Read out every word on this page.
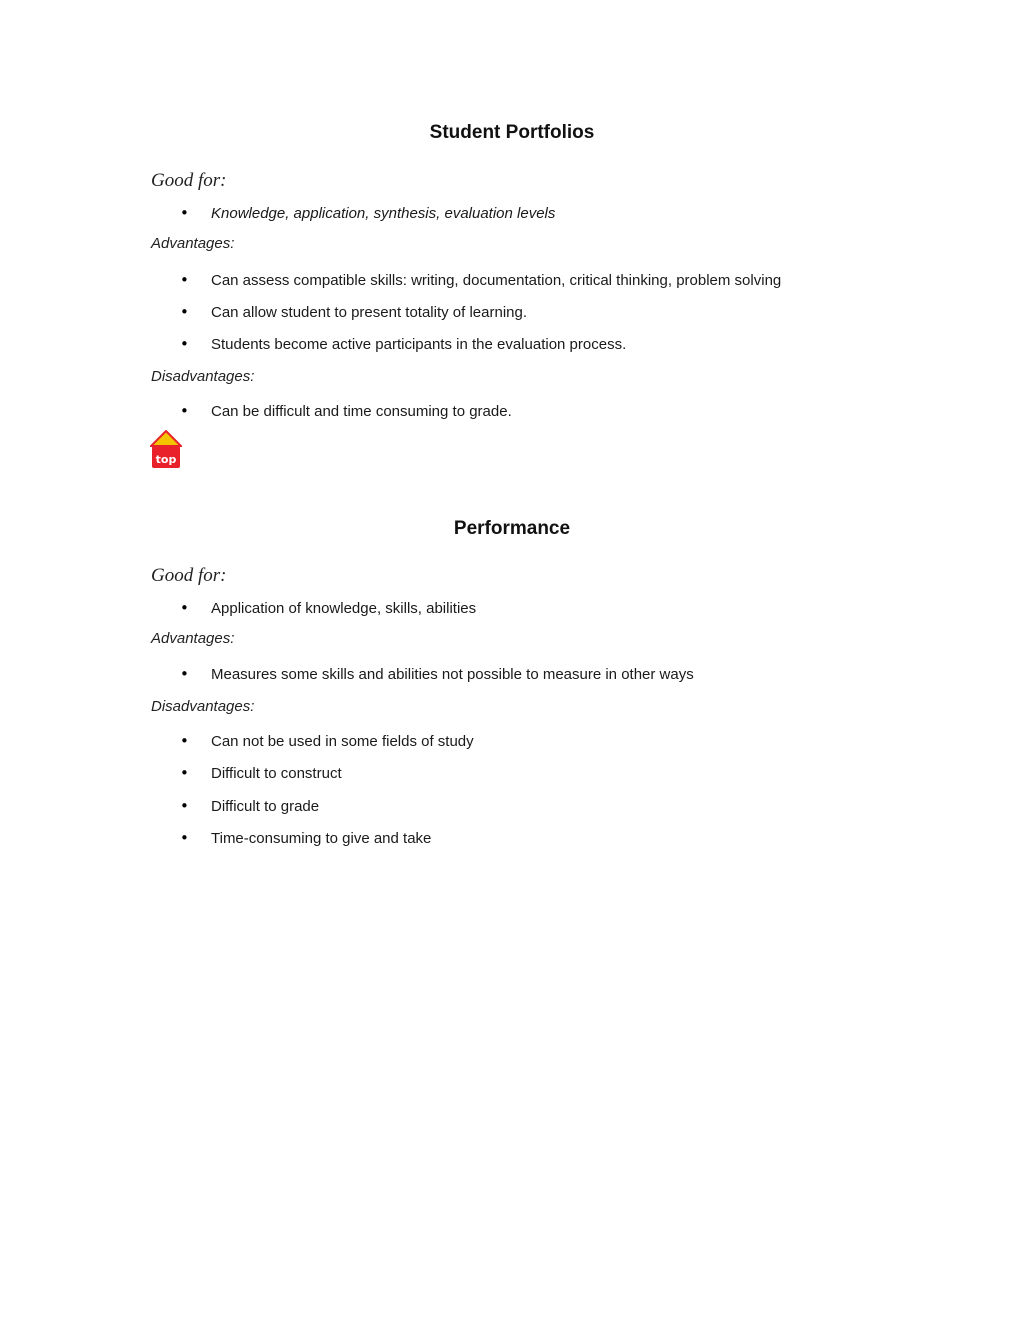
Student Portfolios
Good for:
•	Knowledge, application, synthesis, evaluation levels
Advantages:
•	Can assess compatible skills: writing, documentation, critical thinking, problem solving
•	Can allow student to present totality of learning.
•	Students become active participants in the evaluation process.
Disadvantages:
•	Can be difficult and time consuming to grade.
top
Performance
Good for:
•	Application of knowledge, skills, abilities
Advantages:
•	Measures some skills and abilities not possible to measure in other ways
Disadvantages:
•	Can not be used in some fields of study
•	Difficult to construct
•	Difficult to grade
•	Time-consuming to give and take
